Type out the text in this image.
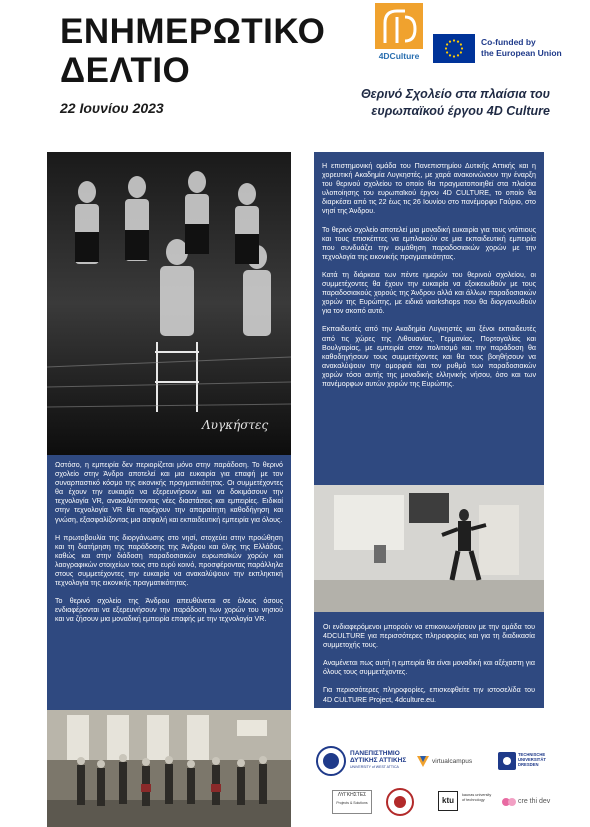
ΕΝΗΜΕΡΩΤΙΚΟ
ΔΕΛΤΙΟ
22 Ιουνίου 2023
4DCulture
Co-funded by
the European Union
Θερινό Σχολείο στα πλαίσια του
ευρωπαϊκού έργου 4D Culture
Λυγκήστες

Ωστόσο, η εμπειρία δεν περιορίζεται μόνο στην παράδοση. Το θερινό σχολείο στην Άνδρο αποτελεί και μια ευκαιρία για επαφή με τον συναρπαστικό κόσμο της εικονικής πραγματικότητας. Οι συμμετέχοντες θα έχουν την ευκαιρία να εξερευνήσουν και να δοκιμάσουν την τεχνολογία VR, ανακαλύπτοντας νέες διαστάσεις και εμπειρίες. Ειδικοί στην τεχνολογία VR θα παρέχουν την απαραίτητη καθοδήγηση και γνώση, εξασφαλίζοντας μια ασφαλή και εκπαιδευτική εμπειρία για όλους.

Η πρωτοβουλία της διοργάνωσης στο νησί, στοχεύει στην προώθηση και τη διατήρηση της παράδοσης της Άνδρου και όλης της Ελλάδας, καθώς και στην διάδοση παραδοσιακών ευρωπαϊκών χορών και λαογραφικών στοιχείων τους στο ευρύ κοινό, προσφέροντας παράλληλα στους συμμετέχοντες την ευκαιρία να ανακαλύψουν την εκπληκτική τεχνολογία της εικονικής πραγματικότητας.

Το θερινό σχολείο της Άνδρου απευθύνεται σε όλους όσους ενδιαφέρονται να εξερευνήσουν την παράδοση των χορών του νησιού και να ζήσουν μια μοναδική εμπειρία επαφής με την τεχνολογία VR.

Η επιστημονική ομάδα του Πανεπιστημίου Δυτικής Αττικής και η χορευτική Ακαδημία Λυγκηστές, με χαρά ανακοινώνουν την έναρξη του θερινού σχολείου το οποίο θα πραγματοποιηθεί στα πλαίσια υλοποίησης του ευρωπαϊκού έργου 4D CULTURE, το οποίο θα διαρκέσει από τις 22 έως τις 26 Ιουνίου στο πανέμορφο Γαύριο, στο νησί της Άνδρου.

Το θερινό σχολείο αποτελεί μια μοναδική ευκαιρία για τους ντόπιους και τους επισκέπτες να εμπλακούν σε μια εκπαιδευτική εμπειρία που συνδυάζει την εκμάθηση παραδοσιακών χορών με την τεχνολογία της εικονικής πραγματικότητας.

Κατά τη διάρκεια των πέντε ημερών του θερινού σχολείου, οι συμμετέχοντες θα έχουν την ευκαιρία να εξοικειωθούν με τους παραδοσιακούς χορούς της Άνδρου αλλά και άλλων παραδοσιακών χορών της Ευρώπης, με ειδικά workshops που θα διοργανωθούν για τον σκοπό αυτό.

Εκπαιδευτές από την Ακαδημία Λυγκηστές και ξένοι εκπαιδευτές από τις χώρες της Λιθουανίας, Γερμανίας, Πορτογαλίας και Βουλγαρίας, με εμπειρία στον πολιτισμό και την παράδοση θα καθοδηγήσουν τους συμμετέχοντες και θα τους βοηθήσουν να ανακαλύψουν την ομορφιά και τον ρυθμό των παραδοσιακών χορών τόσο αυτής της μοναδικής ελληνικής νήσου, όσο και των πανέμορφων αυτών χορών της Ευρώπης.

Οι ενδιαφερόμενοι μπορούν να επικοινωνήσουν με την ομάδα του 4DCULTURE για περισσότερες πληροφορίες και για τη διαδικασία συμμετοχής τους.

Αναμένεται πως αυτή η εμπειρία θα είναι μοναδική και αξέχαστη για όλους τους συμμετέχοντες.

Για περισσότερες πληροφορίες, επισκεφθείτε την ιστοσελίδα του 4D CULTURE Project, 4dculture.eu.

ΠΑΝΕΠΙΣΤΗΜΙΟ
ΔΥΤΙΚΗΣ ΑΤΤΙΚΗΣ
UNIVERSITY of WEST ATTICA
virtualcampus
TECHNISCHE
UNIVERSITÄT
DRESDEN
ΛΥΓΚΗΣΤΕΣ
Projects & Solutions	ktu
kaunas university of technology	cre thi dev
